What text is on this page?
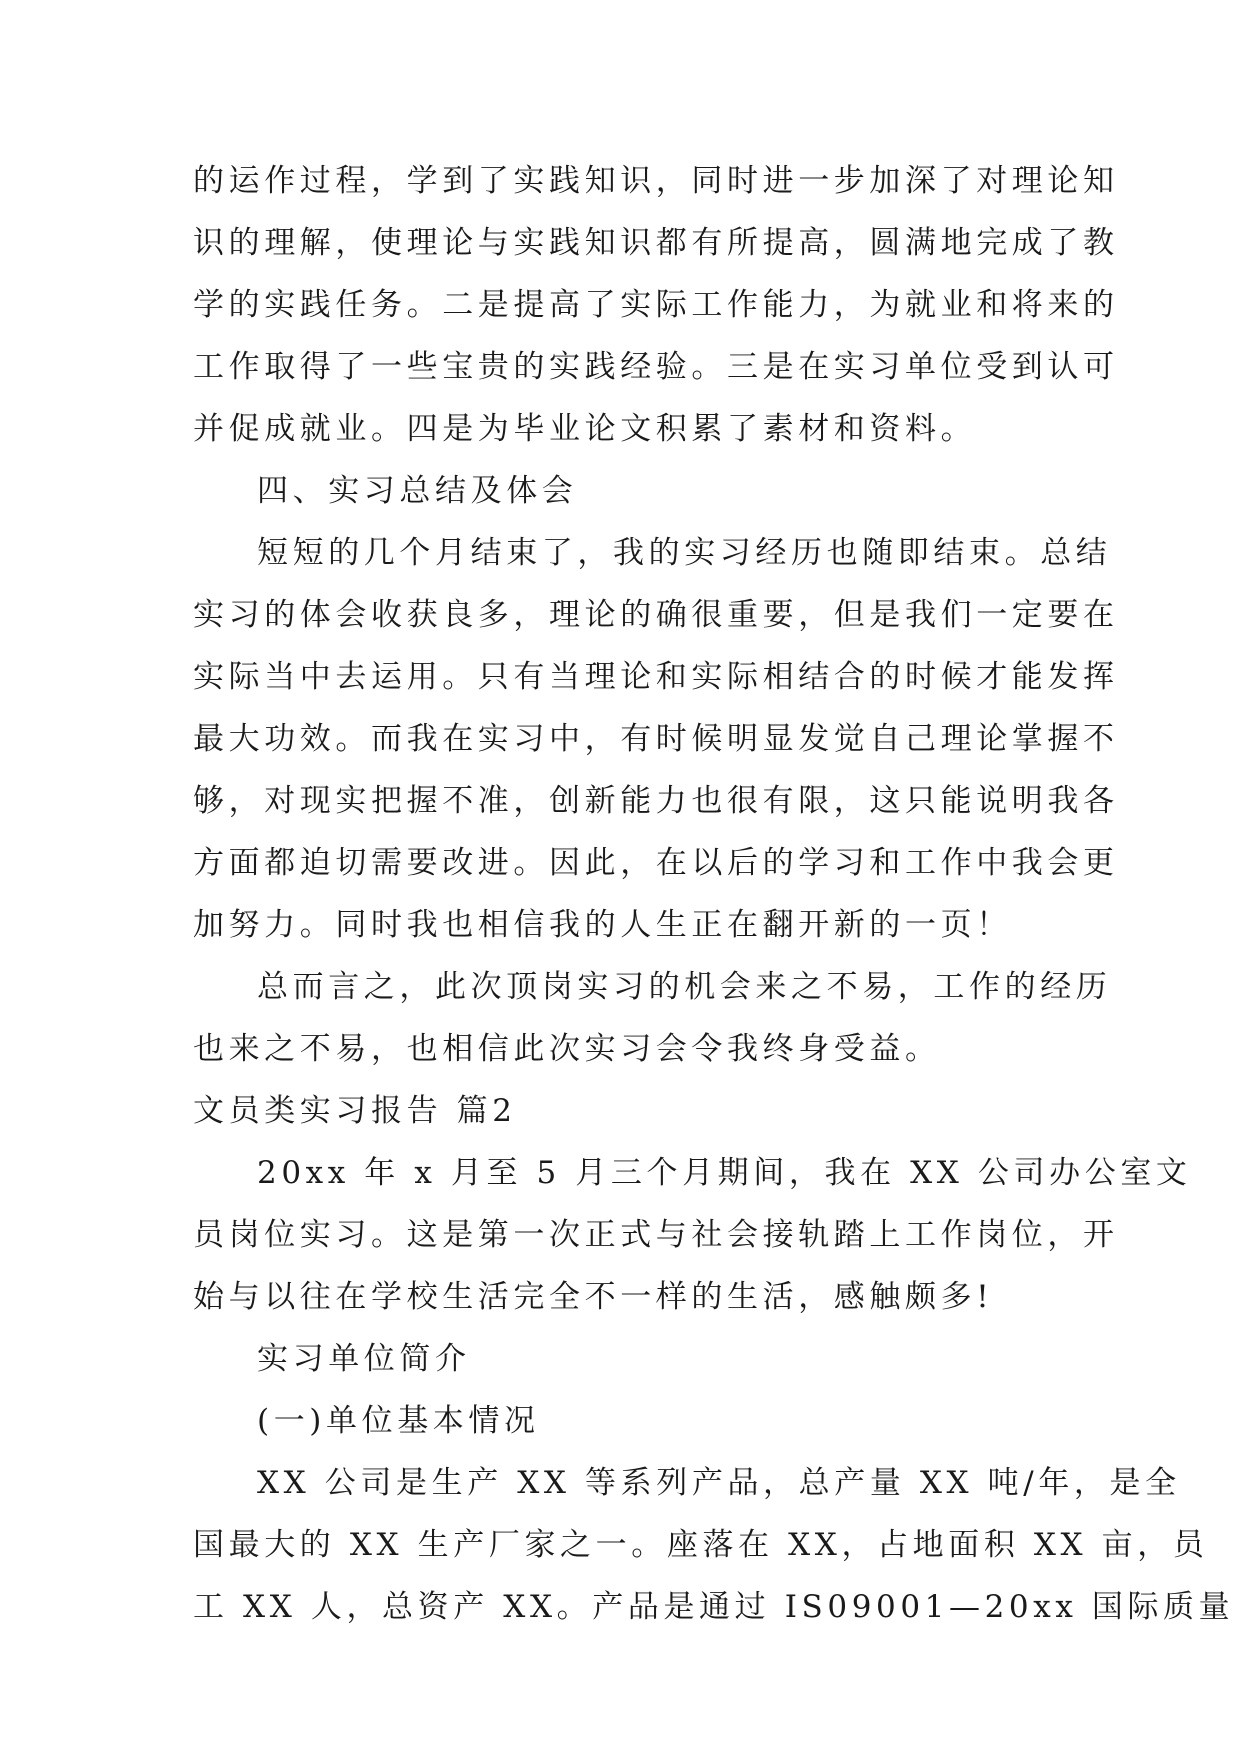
的运作过程，学到了实践知识，同时进一步加深了对理论知
识的理解，使理论与实践知识都有所提高，圆满地完成了教
学的实践任务。二是提高了实际工作能力，为就业和将来的
工作取得了一些宝贵的实践经验。三是在实习单位受到认可
并促成就业。四是为毕业论文积累了素材和资料。
四、实习总结及体会
短短的几个月结束了，我的实习经历也随即结束。总结
实习的体会收获良多，理论的确很重要，但是我们一定要在
实际当中去运用。只有当理论和实际相结合的时候才能发挥
最大功效。而我在实习中，有时候明显发觉自己理论掌握不
够，对现实把握不准，创新能力也很有限，这只能说明我各
方面都迫切需要改进。因此，在以后的学习和工作中我会更
加努力。同时我也相信我的人生正在翻开新的一页！
总而言之，此次顶岗实习的机会来之不易，工作的经历
也来之不易，也相信此次实习会令我终身受益。
文员类实习报告 篇2
20xx 年 x 月至 5 月三个月期间，我在 XX 公司办公室文
员岗位实习。这是第一次正式与社会接轨踏上工作岗位，开
始与以往在学校生活完全不一样的生活，感触颇多!
实习单位简介
(一)单位基本情况
XX 公司是生产 XX 等系列产品，总产量 XX 吨/年，是全
国最大的 XX 生产厂家之一。座落在 XX，占地面积 XX 亩，员
工 XX 人，总资产 XX。产品是通过 IS09001—20xx 国际质量
